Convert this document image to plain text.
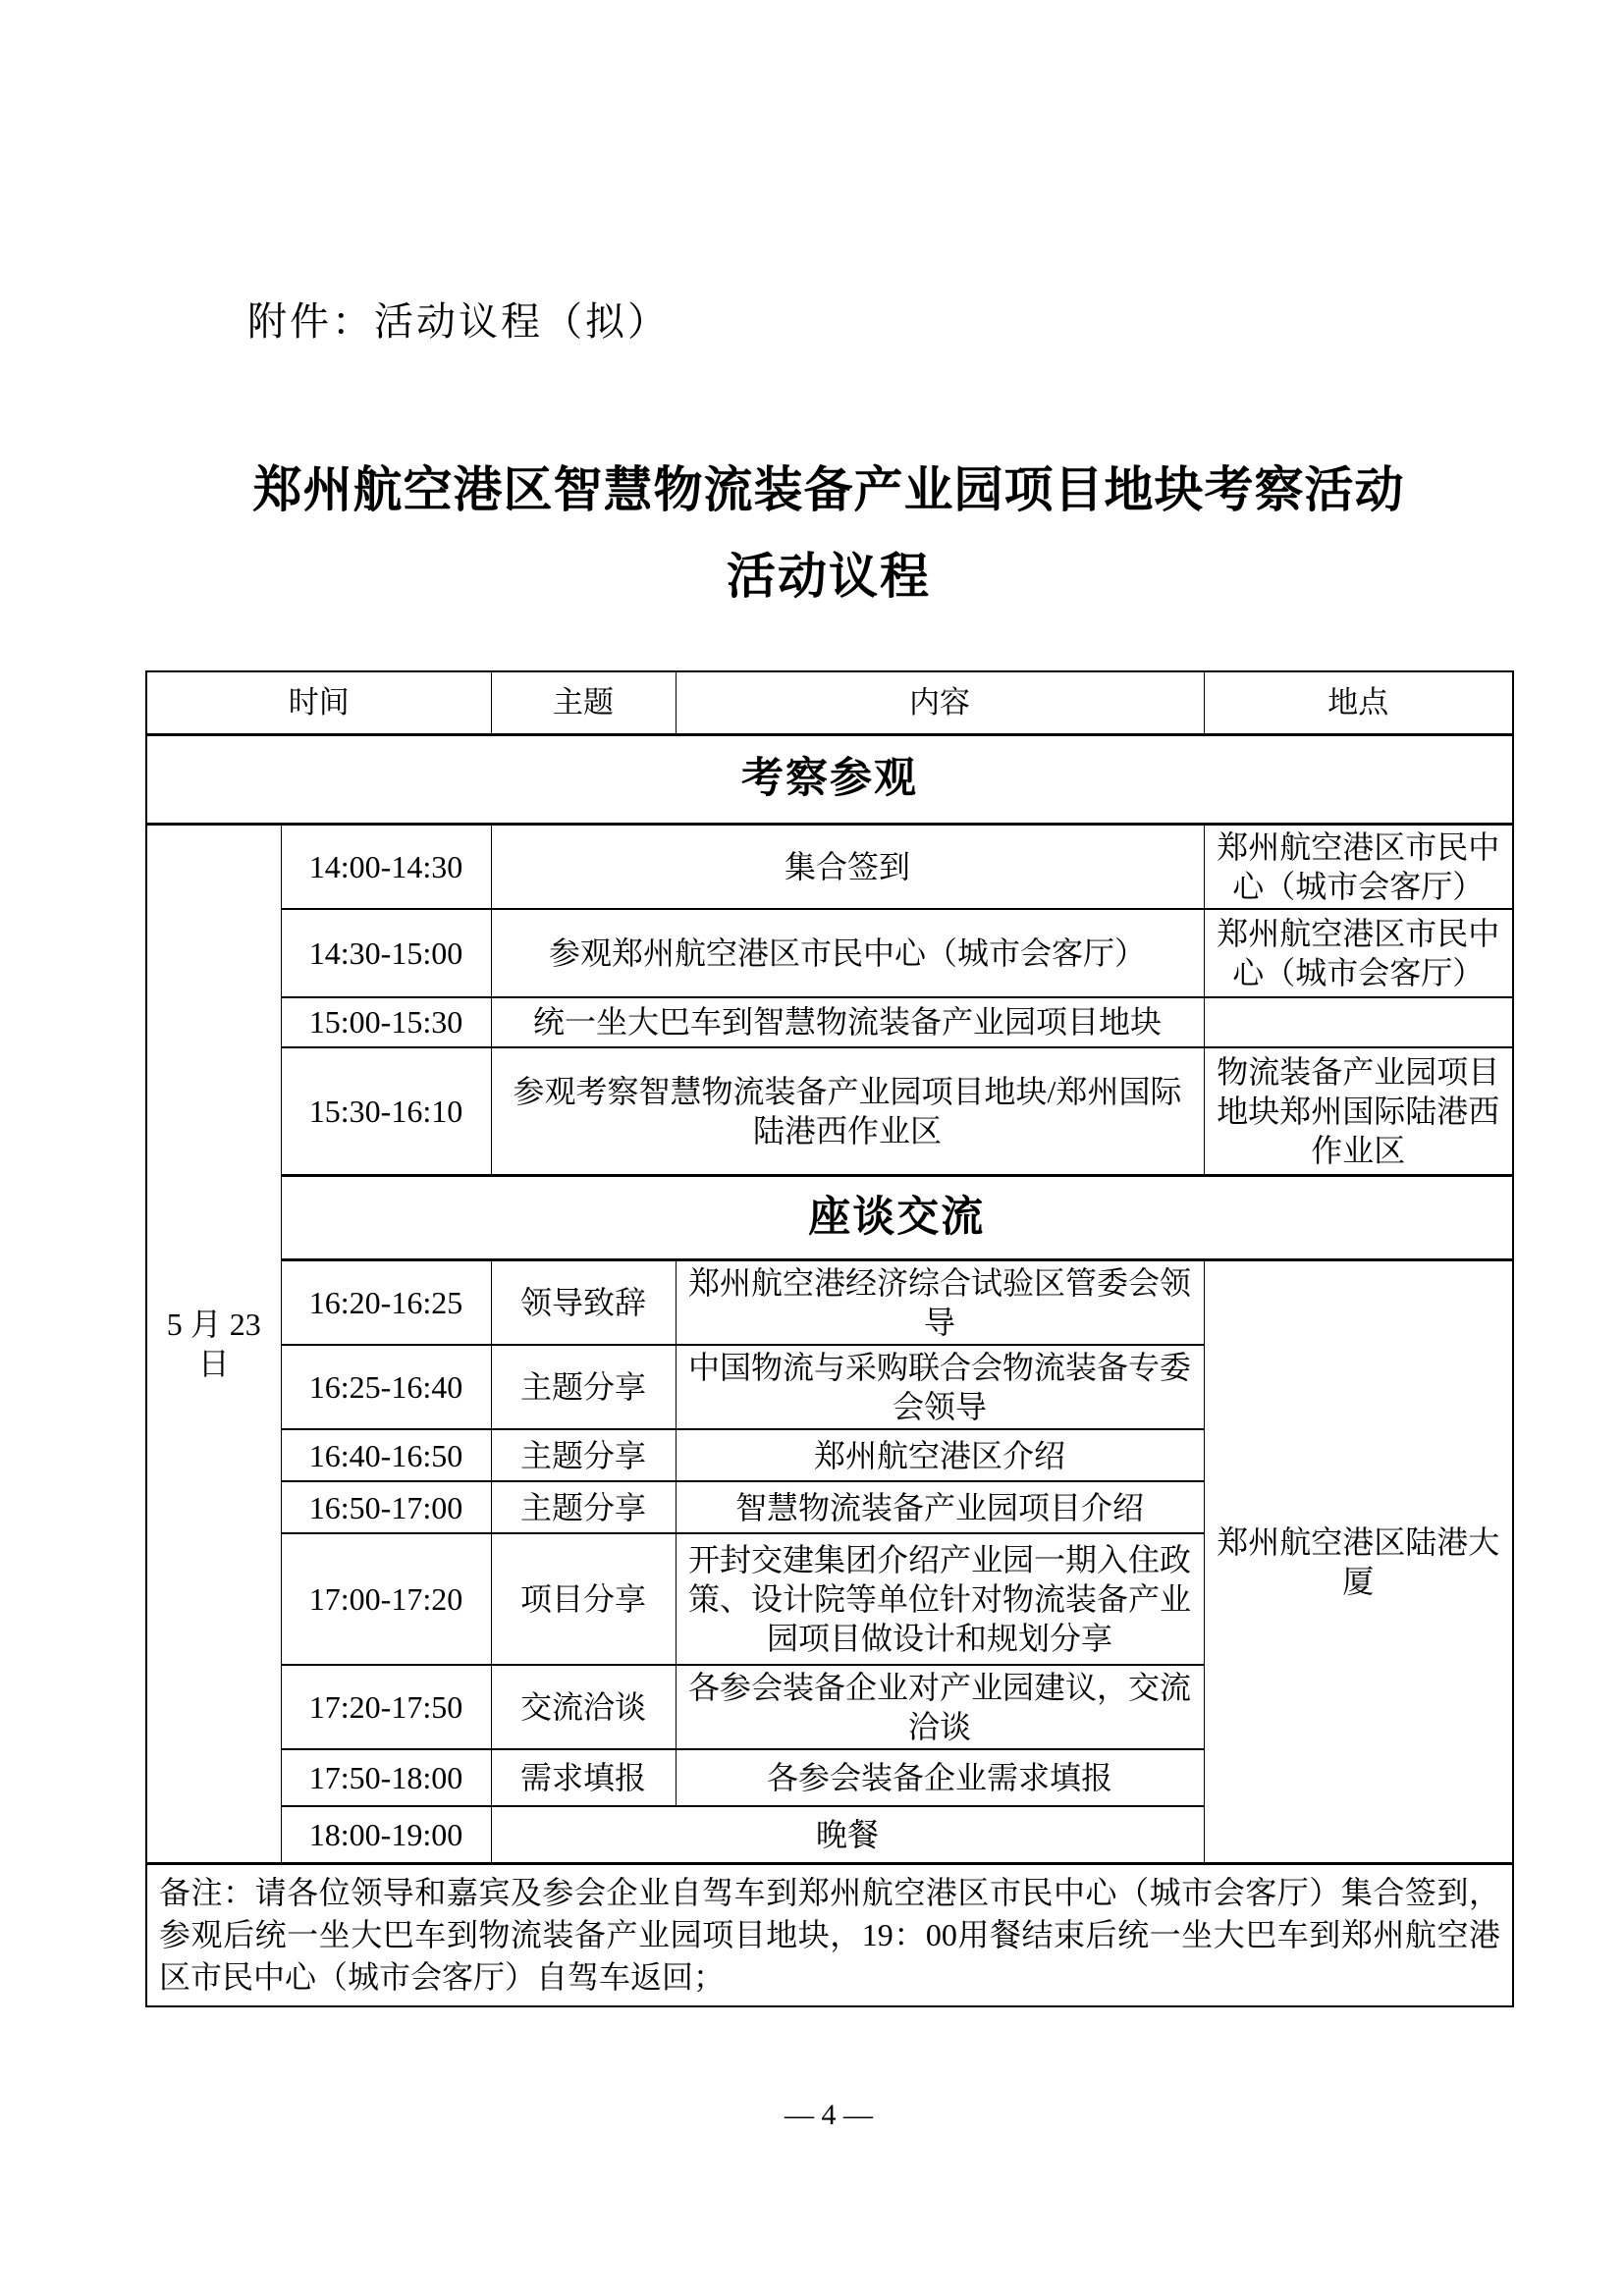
附件：活动议程（拟）
郑州航空港区智慧物流装备产业园项目地块考察活动
活动议程
时间		主题	内容	地点
考察参观				
5 月 23 日	14:00-14:30	集合签到		郑州航空港区市民中心（城市会客厅）
	14:30-15:00	参观郑州航空港区市民中心（城市会客厅）		郑州航空港区市民中心（城市会客厅）
	15:00-15:30	统一坐大巴车到智慧物流装备产业园项目地块		
	15:30-16:10	参观考察智慧物流装备产业园项目地块/郑州国际陆港西作业区		物流装备产业园项目地块郑州国际陆港西作业区
	座谈交流			
	16:20-16:25	领导致辞	郑州航空港经济综合试验区管委会领导	郑州航空港区陆港大厦
	16:25-16:40	主题分享	中国物流与采购联合会物流装备专委会领导	
	16:40-16:50	主题分享	郑州航空港区介绍	
	16:50-17:00	主题分享	智慧物流装备产业园项目介绍	
	17:00-17:20	项目分享	开封交建集团介绍产业园一期入住政策、设计院等单位针对物流装备产业园项目做设计和规划分享	
	17:20-17:50	交流洽谈	各参会装备企业对产业园建议，交流洽谈	
	17:50-18:00	需求填报	各参会装备企业需求填报	
	18:00-19:00	晚餐		
备注：请各位领导和嘉宾及参会企业自驾车到郑州航空港区市民中心（城市会客厅）集合签到，参观后统一坐大巴车到物流装备产业园项目地块，19：00用餐结束后统一坐大巴车到郑州航空港区市民中心（城市会客厅）自驾车返回；				
— 4 —
